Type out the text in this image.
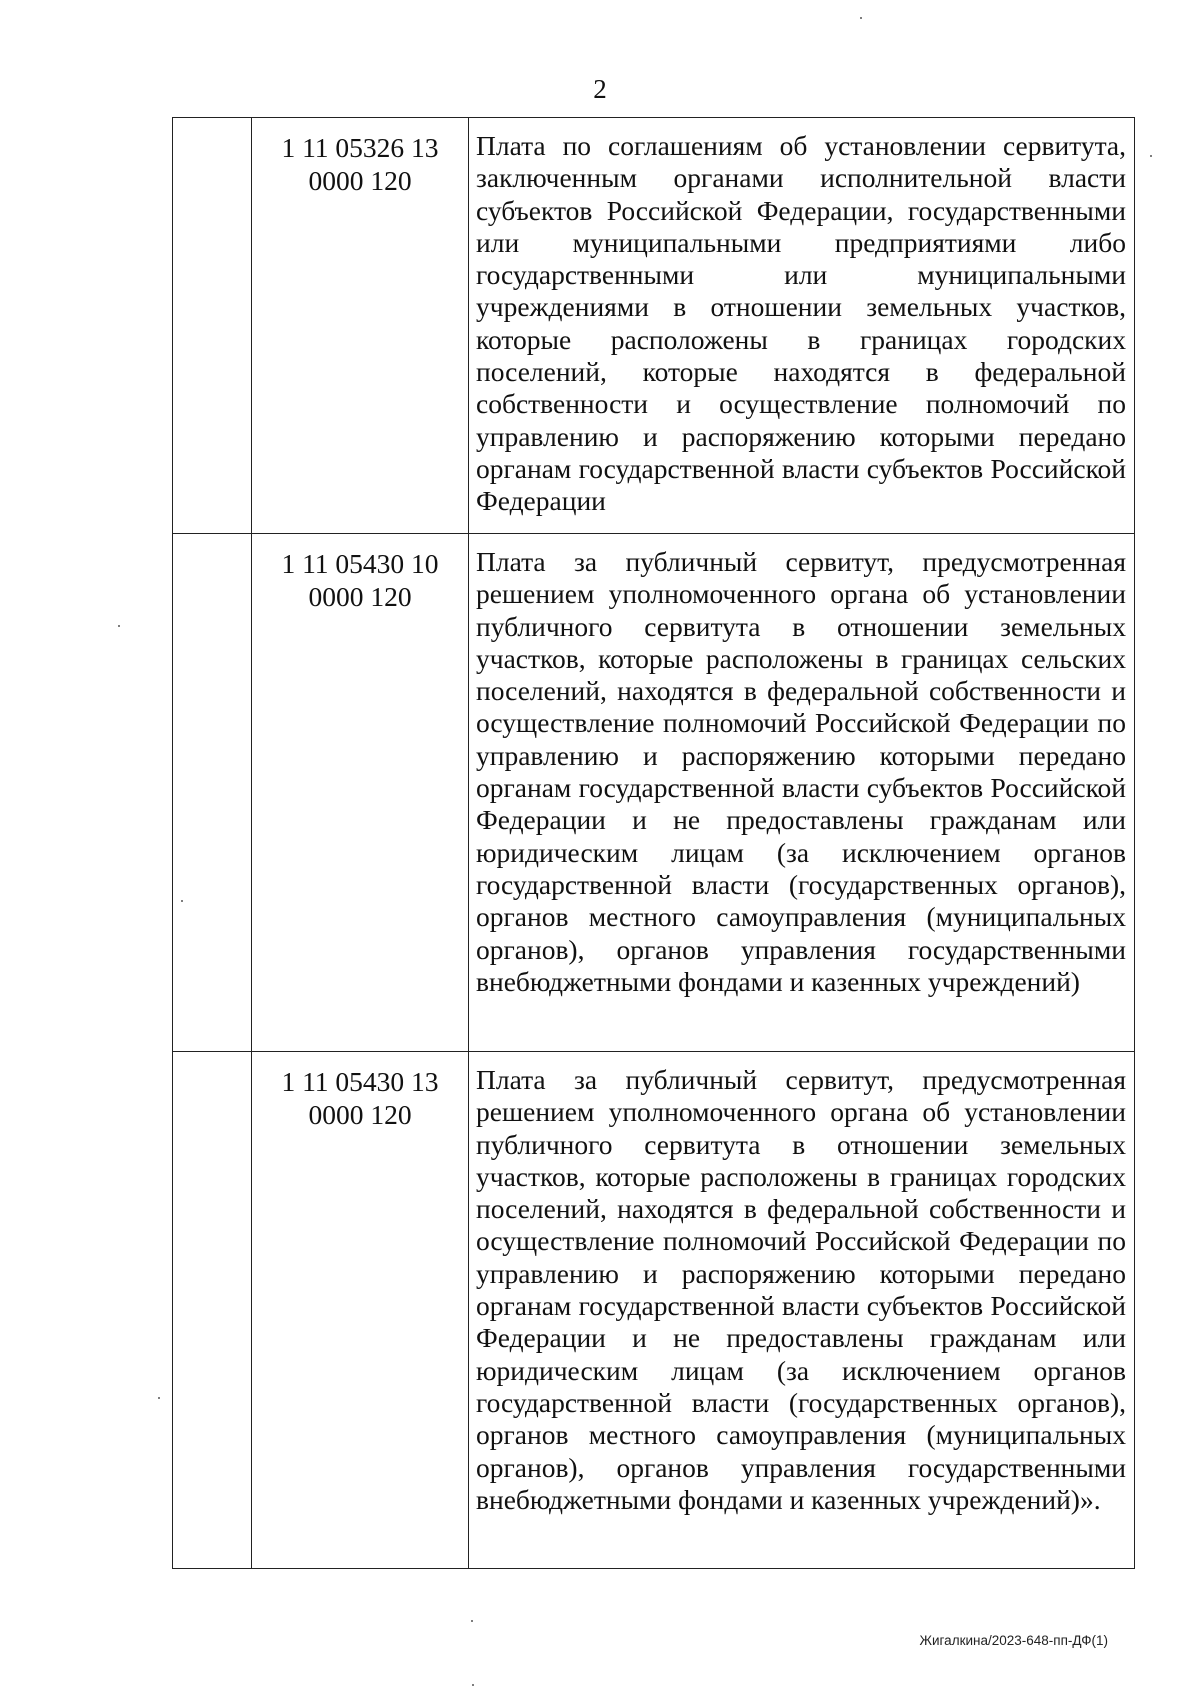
2

	1 11 05326 13
0000 120	Плата по соглашениям об установлении сервитута, заключенным органами исполнительной власти субъектов Российской Федерации, государственными или муниципальными предприятиями либо государственными или муниципальными учреждениями в отношении земельных участков, которые расположены в границах городских поселений, которые находятся в федеральной собственности и осуществление полномочий по управлению и распоряжению которыми передано органам государственной власти субъектов Российской Федерации

	1 11 05430 10
0000 120	Плата за публичный сервитут, предусмотренная решением уполномоченного органа об установлении публичного сервитута в отношении земельных участков, которые расположены в границах сельских поселений, находятся в федеральной собственности и осуществление полномочий Российской Федерации по управлению и распоряжению которыми передано органам государственной власти субъектов Российской Федерации и не предоставлены гражданам или юридическим лицам (за исключением органов государственной власти (государственных органов), органов местного самоуправления (муниципальных органов), органов управления государственными внебюджетными фондами и казенных учреждений)

	1 11 05430 13
0000 120	Плата за публичный сервитут, предусмотренная решением уполномоченного органа об установлении публичного сервитута в отношении земельных участков, которые расположены в границах городских поселений, находятся в федеральной собственности и осуществление полномочий Российской Федерации по управлению и распоряжению которыми передано органам государственной власти субъектов Российской Федерации и не предоставлены гражданам или юридическим лицам (за исключением органов государственной власти (государственных органов), органов местного самоуправления (муниципальных органов), органов управления государственными внебюджетными фондами и казенных учреждений)».
Жигалкина/2023-648-пп-ДФ(1)
